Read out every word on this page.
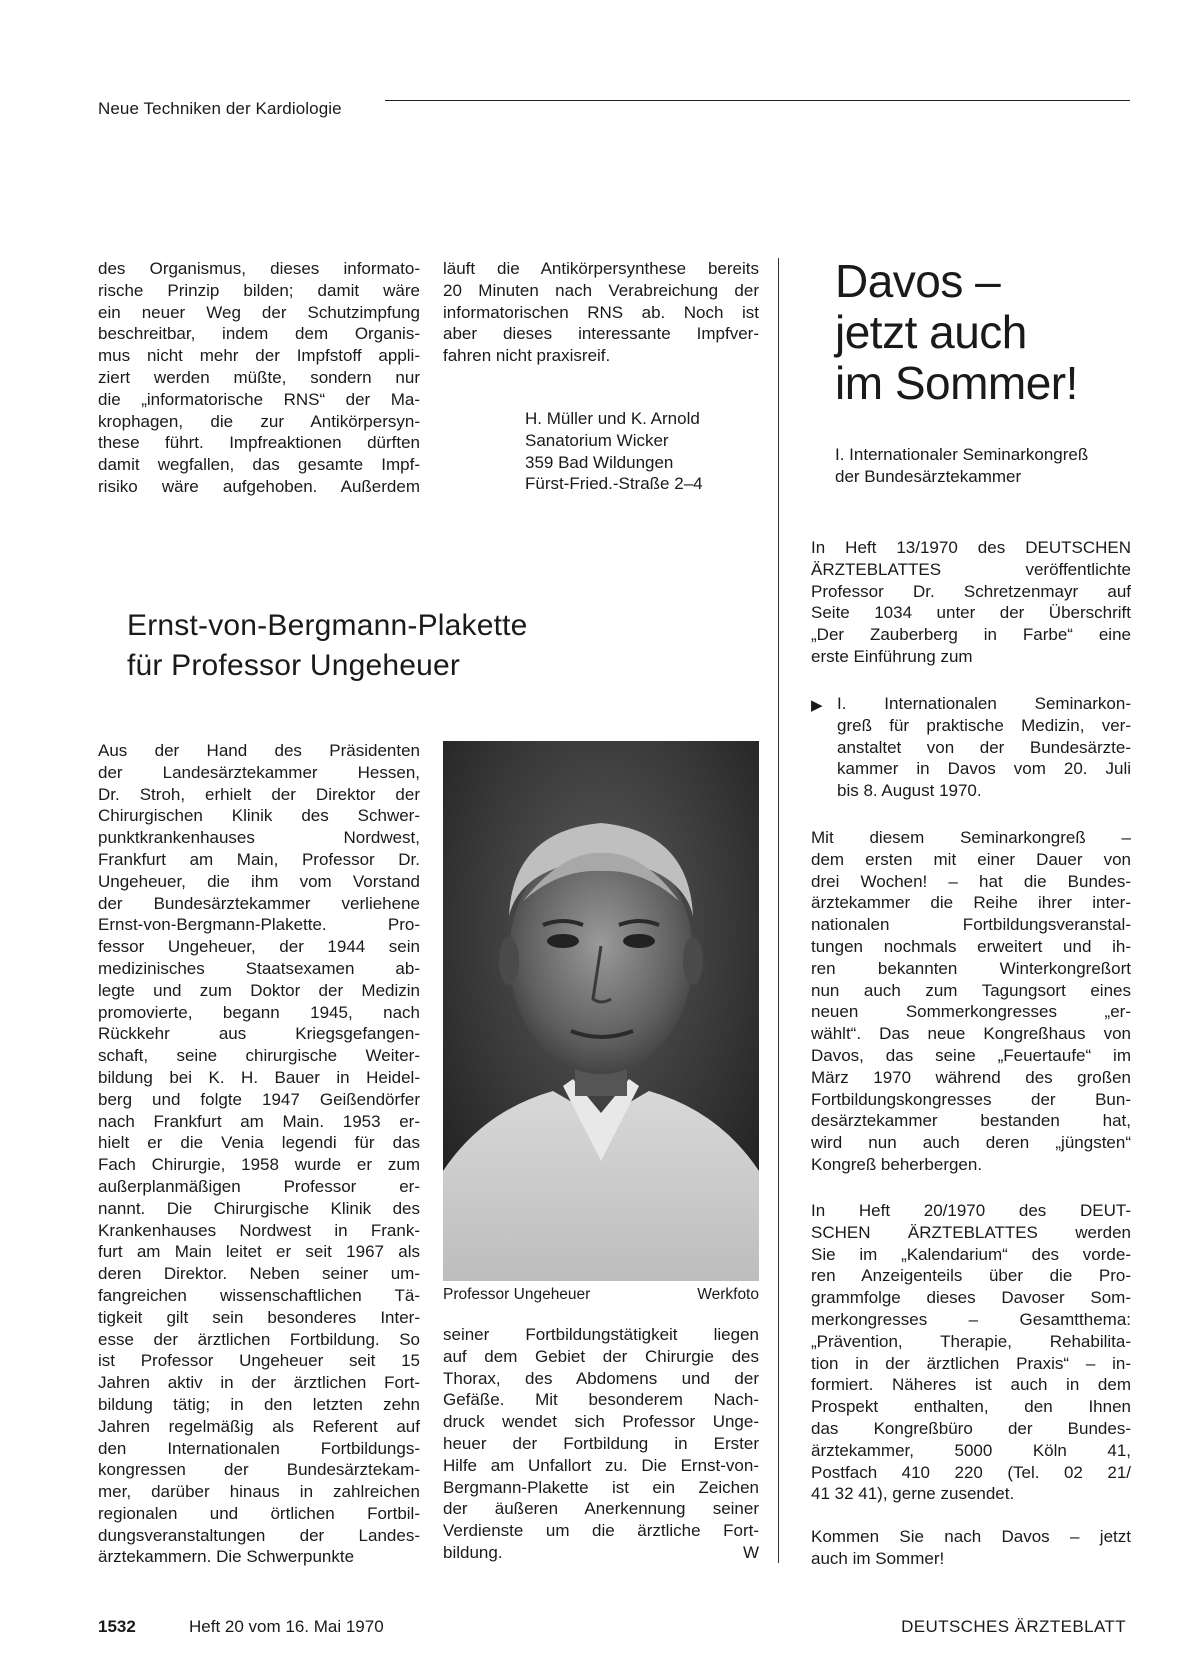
Neue Techniken der Kardiologie
des Organismus, dieses informato-
rische Prinzip bilden; damit wäre
ein neuer Weg der Schutzimpfung
beschreitbar, indem dem Organis-
mus nicht mehr der Impfstoff appli-
ziert werden müßte, sondern nur
die „informatorische RNS“ der Ma-
krophagen, die zur Antikörpersyn-
these führt. Impfreaktionen dürften
damit wegfallen, das gesamte Impf-
risiko wäre aufgehoben. Außerdem
läuft die Antikörpersynthese bereits
20 Minuten nach Verabreichung der
informatorischen RNS ab. Noch ist
aber dieses interessante Impfver-
fahren nicht praxisreif.
H. Müller und K. Arnold
Sanatorium Wicker
359 Bad Wildungen
Fürst-Fried.-Straße 2–4
Davos –
jetzt auch
im Sommer!
I. Internationaler Seminarkongreß
der Bundesärztekammer
In Heft 13/1970 des DEUTSCHEN
ÄRZTEBLATTES veröffentlichte
Professor Dr. Schretzenmayr auf
Seite 1034 unter der Überschrift
„Der Zauberberg in Farbe“ eine
erste Einführung zum
▶ I. Internationalen Seminarkon-
greß für praktische Medizin, ver-
anstaltet von der Bundesärzte-
kammer in Davos vom 20. Juli
bis 8. August 1970.
Mit diesem Seminarkongreß –
dem ersten mit einer Dauer von
drei Wochen! – hat die Bundes-
ärztekammer die Reihe ihrer inter-
nationalen Fortbildungsveranstal-
tungen nochmals erweitert und ih-
ren bekannten Winterkongreßort
nun auch zum Tagungsort eines
neuen Sommerkongresses „er-
wählt“. Das neue Kongreßhaus von
Davos, das seine „Feuertaufe“ im
März 1970 während des großen
Fortbildungskongresses der Bun-
desärztekammer bestanden hat,
wird nun auch deren „jüngsten“
Kongreß beherbergen.
In Heft 20/1970 des DEUT-
SCHEN ÄRZTEBLATTES werden
Sie im „Kalendarium“ des vorde-
ren Anzeigenteils über die Pro-
grammfolge dieses Davoser Som-
merkongresses – Gesamtthema:
„Prävention, Therapie, Rehabilita-
tion in der ärztlichen Praxis“ – in-
formiert. Näheres ist auch in dem
Prospekt enthalten, den Ihnen
das Kongreßbüro der Bundes-
ärztekammer, 5000 Köln 41,
Postfach 410 220 (Tel. 02 21/
41 32 41), gerne zusendet.
Kommen Sie nach Davos – jetzt
auch im Sommer!
Ernst-von-Bergmann-Plakette
für Professor Ungeheuer
Aus der Hand des Präsidenten
der Landesärztekammer Hessen,
Dr. Stroh, erhielt der Direktor der
Chirurgischen Klinik des Schwer-
punktkrankenhauses Nordwest,
Frankfurt am Main, Professor Dr.
Ungeheuer, die ihm vom Vorstand
der Bundesärztekammer verliehene
Ernst-von-Bergmann-Plakette. Pro-
fessor Ungeheuer, der 1944 sein
medizinisches Staatsexamen ab-
legte und zum Doktor der Medizin
promovierte, begann 1945, nach
Rückkehr aus Kriegsgefangen-
schaft, seine chirurgische Weiter-
bildung bei K. H. Bauer in Heidel-
berg und folgte 1947 Geißendörfer
nach Frankfurt am Main. 1953 er-
hielt er die Venia legendi für das
Fach Chirurgie, 1958 wurde er zum
außerplanmäßigen Professor er-
nannt. Die Chirurgische Klinik des
Krankenhauses Nordwest in Frank-
furt am Main leitet er seit 1967 als
deren Direktor. Neben seiner um-
fangreichen wissenschaftlichen Tä-
tigkeit gilt sein besonderes Inter-
esse der ärztlichen Fortbildung. So
ist Professor Ungeheuer seit 15
Jahren aktiv in der ärztlichen Fort-
bildung tätig; in den letzten zehn
Jahren regelmäßig als Referent auf
den Internationalen Fortbildungs-
kongressen der Bundesärztekam-
mer, darüber hinaus in zahlreichen
regionalen und örtlichen Fortbil-
dungsveranstaltungen der Landes-
ärztekammern. Die Schwerpunkte
Professor Ungeheuer	Werkfoto
seiner Fortbildungstätigkeit liegen
auf dem Gebiet der Chirurgie des
Thorax, des Abdomens und der
Gefäße. Mit besonderem Nach-
druck wendet sich Professor Unge-
heuer der Fortbildung in Erster
Hilfe am Unfallort zu. Die Ernst-von-
Bergmann-Plakette ist ein Zeichen
der äußeren Anerkennung seiner
Verdienste um die ärztliche Fort-
bildung.	W
1532	Heft 20 vom 16. Mai 1970	DEUTSCHES ÄRZTEBLATT
